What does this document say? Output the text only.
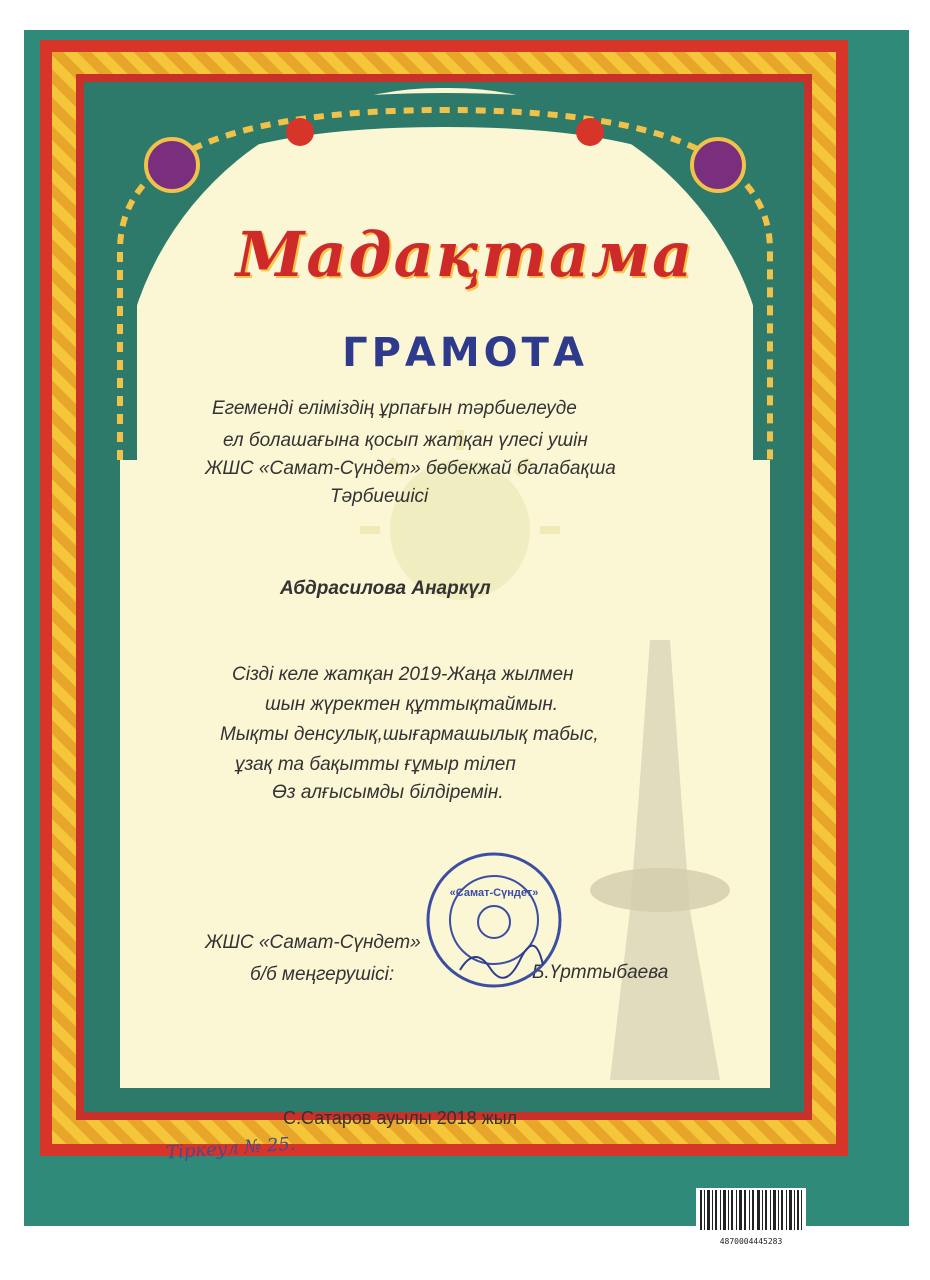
Мадақтама
ГРАМОТА
Егеменді еліміздің ұрпағын тәрбиелеуде
ел болашағына қосып жатқан үлесі ушін
ЖШС «Самат-Сүндет» бөбекжай балабақша
Тәрбиешісі
Абдрасилова Анаркүл
Сізді келе жатқан 2019-Жаңа жылмен
шын жүректен құттықтаймын.
Мықты денсулық,шығармашылық табыс,
ұзақ та бақытты ғұмыр тілеп
Өз алғысымды білдіремін.
ЖШС «Самат-Сүндет»
б/б меңгерушісі:	Б.Үрттыбаева
«Самат-Сүндет»
С.Сатаров ауылы 2018 жыл
Тіркеул № 25.
4870004445283
